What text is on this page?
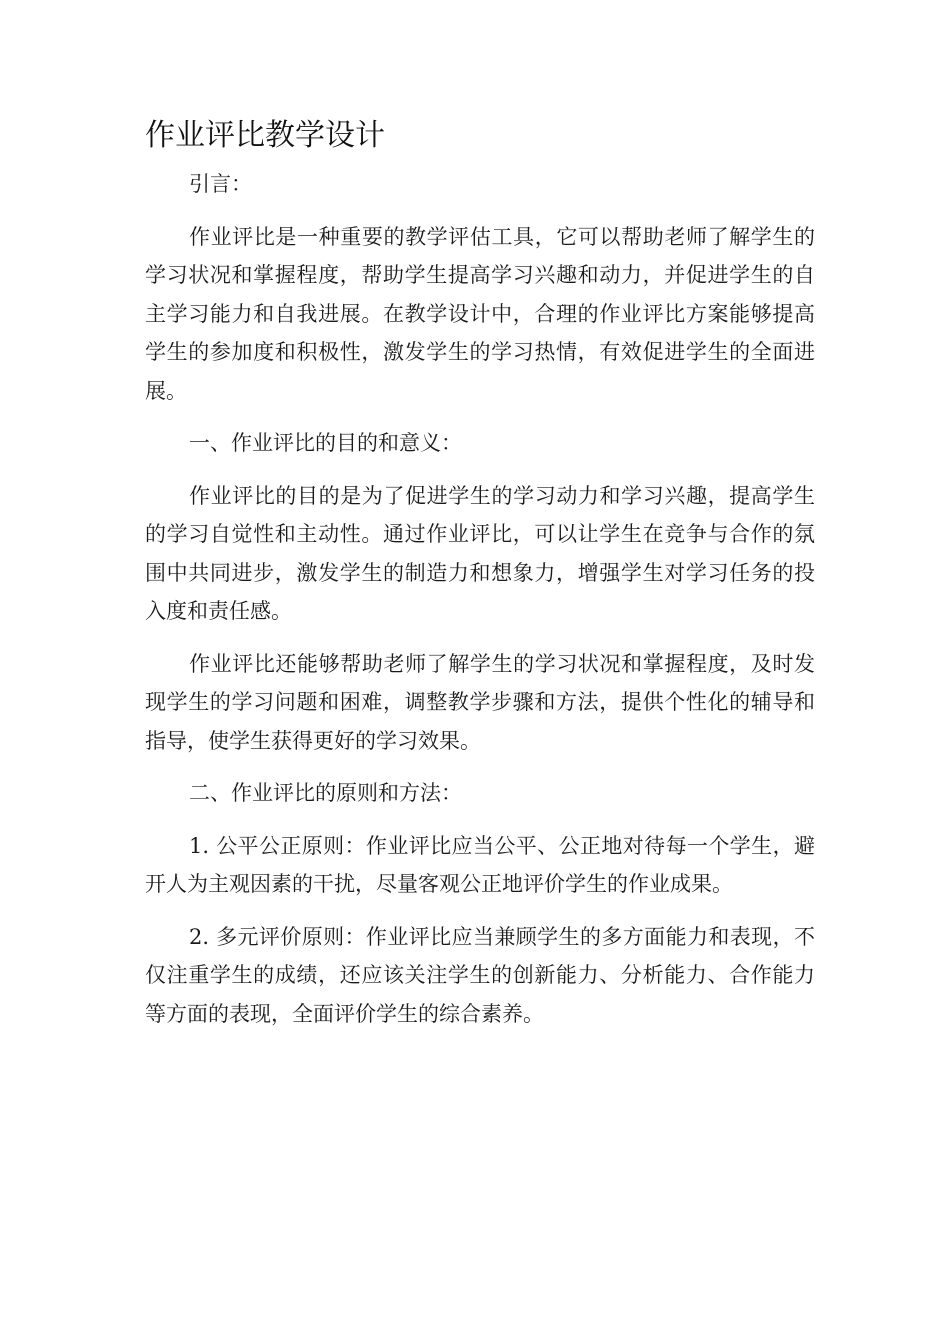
作业评比教学设计

引言：

作业评比是一种重要的教学评估工具，它可以帮助老师了解学生的学习状况和掌握程度，帮助学生提高学习兴趣和动力，并促进学生的自主学习能力和自我进展。在教学设计中，合理的作业评比方案能够提高学生的参加度和积极性，激发学生的学习热情，有效促进学生的全面进展。

一、作业评比的目的和意义：

作业评比的目的是为了促进学生的学习动力和学习兴趣，提高学生的学习自觉性和主动性。通过作业评比，可以让学生在竞争与合作的氛围中共同进步，激发学生的制造力和想象力，增强学生对学习任务的投入度和责任感。

作业评比还能够帮助老师了解学生的学习状况和掌握程度，及时发现学生的学习问题和困难，调整教学步骤和方法，提供个性化的辅导和指导，使学生获得更好的学习效果。

二、作业评比的原则和方法：

1. 公平公正原则：作业评比应当公平、公正地对待每一个学生，避开人为主观因素的干扰，尽量客观公正地评价学生的作业成果。

2. 多元评价原则：作业评比应当兼顾学生的多方面能力和表现，不仅注重学生的成绩，还应该关注学生的创新能力、分析能力、合作能力等方面的表现，全面评价学生的综合素养。
